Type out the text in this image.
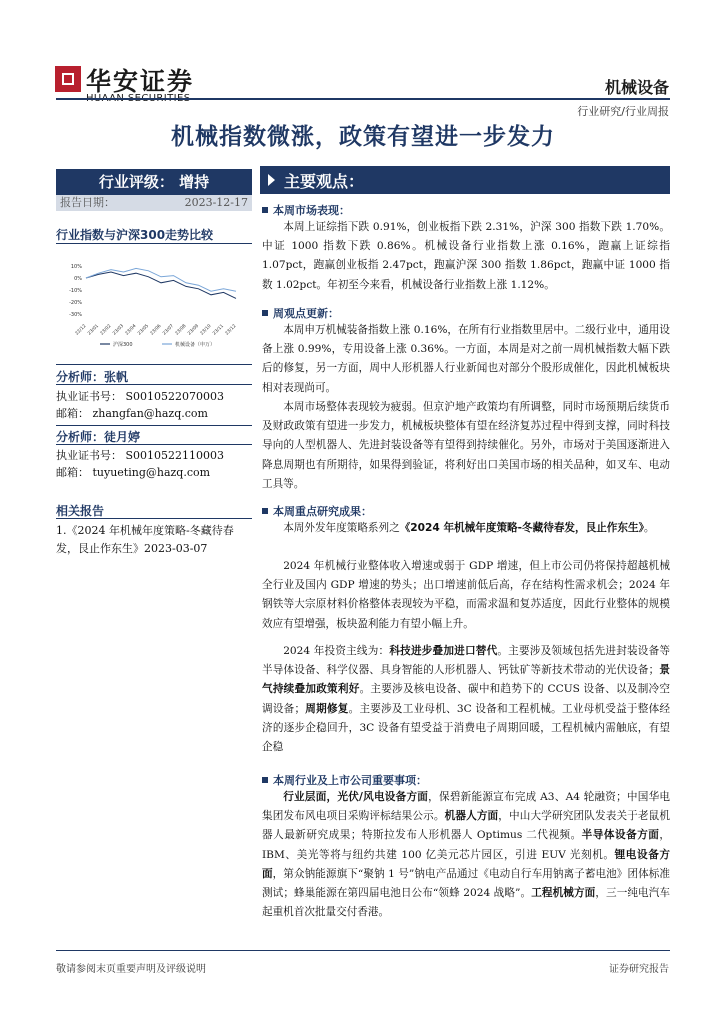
华安证券	机械设备
行业研究/行业周报
机械指数微涨，政策有望进一步发力
行业评级： 增持
报告日期：	2023-12-17
行业指数与沪深300走势比较
10%
0%
-10%
-20%
-30%
22/12 23/01 23/02 23/03 23/04 23/05 23/06 23/07 23/08 23/09 23/10 23/11 23/12
沪深300	机械设备（申万）
分析师：张帆
执业证书号： S0010522070003
邮箱： zhangfan@hazq.com
分析师：徒月婷
执业证书号： S0010522110003
邮箱： tuyueting@hazq.com
相关报告
1.《2024 年机械年度策略-冬藏待春发，艮止作东生》2023-03-07
主要观点：
本周市场表现：
本周上证综指下跌 0.91%，创业板指下跌 2.31%，沪深 300 指数下跌 1.70%。中证 1000 指数下跌 0.86%。机械设备行业指数上涨 0.16%，跑赢上证综指 1.07pct，跑赢创业板指 2.47pct，跑赢沪深 300 指数 1.86pct，跑赢中证 1000 指数 1.02pct。年初至今来看，机械设备行业指数上涨 1.12%。
周观点更新：
本周申万机械装备指数上涨 0.16%，在所有行业指数里居中。二级行业中，通用设备上涨 0.99%，专用设备上涨 0.36%。一方面，本周是对之前一周机械指数大幅下跌后的修复，另一方面，周中人形机器人行业新闻也对部分个股形成催化，因此机械板块相对表现尚可。
本周市场整体表现较为疲弱。但京沪地产政策均有所调整，同时市场预期后续货币及财政政策有望进一步发力，机械板块整体有望在经济复苏过程中得到支撑，同时科技导向的人型机器人、先进封装设备等有望得到持续催化。另外，市场对于美国逐渐进入降息周期也有所期待，如果得到验证，将利好出口美国市场的相关品种，如叉车、电动工具等。
本周重点研究成果：
本周外发年度策略系列之《2024 年机械年度策略-冬藏待春发，艮止作东生》。
2024 年机械行业整体收入增速或弱于 GDP 增速，但上市公司仍将保持超越机械全行业及国内 GDP 增速的势头；出口增速前低后高，存在结构性需求机会；2024 年钢铁等大宗原材料价格整体表现较为平稳，而需求温和复苏适度，因此行业整体的规模效应有望增强，板块盈利能力有望小幅上升。
2024 年投资主线为：科技进步叠加进口替代。主要涉及领域包括先进封装设备等半导体设备、科学仪器、具身智能的人形机器人、钙钛矿等新技术带动的光伏设备；景气持续叠加政策利好。主要涉及核电设备、碳中和趋势下的 CCUS 设备、以及制冷空调设备；周期修复。主要涉及工业母机、3C 设备和工程机械。工业母机受益于整体经济的逐步企稳回升，3C 设备有望受益于消费电子周期回暖，工程机械内需触底，有望企稳
本周行业及上市公司重要事项：
行业层面，光伏/风电设备方面，保碧新能源宣布完成 A3、A4 轮融资；中国华电集团发布风电项目采购评标结果公示。机器人方面，中山大学研究团队发表关于老鼠机器人最新研究成果；特斯拉发布人形机器人 Optimus 二代视频。半导体设备方面，IBM、美光等将与纽约共建 100 亿美元芯片园区，引进 EUV 光刻机。锂电设备方面，第众钠能源旗下“聚钠 1 号”钠电产品通过《电动自行车用钠离子蓄电池》团体标准测试；蜂巢能源在第四届电池日公布“领蜂 2024 战略”。工程机械方面，三一纯电汽车起重机首次批量交付香港。
敬请参阅末页重要声明及评级说明	证券研究报告
